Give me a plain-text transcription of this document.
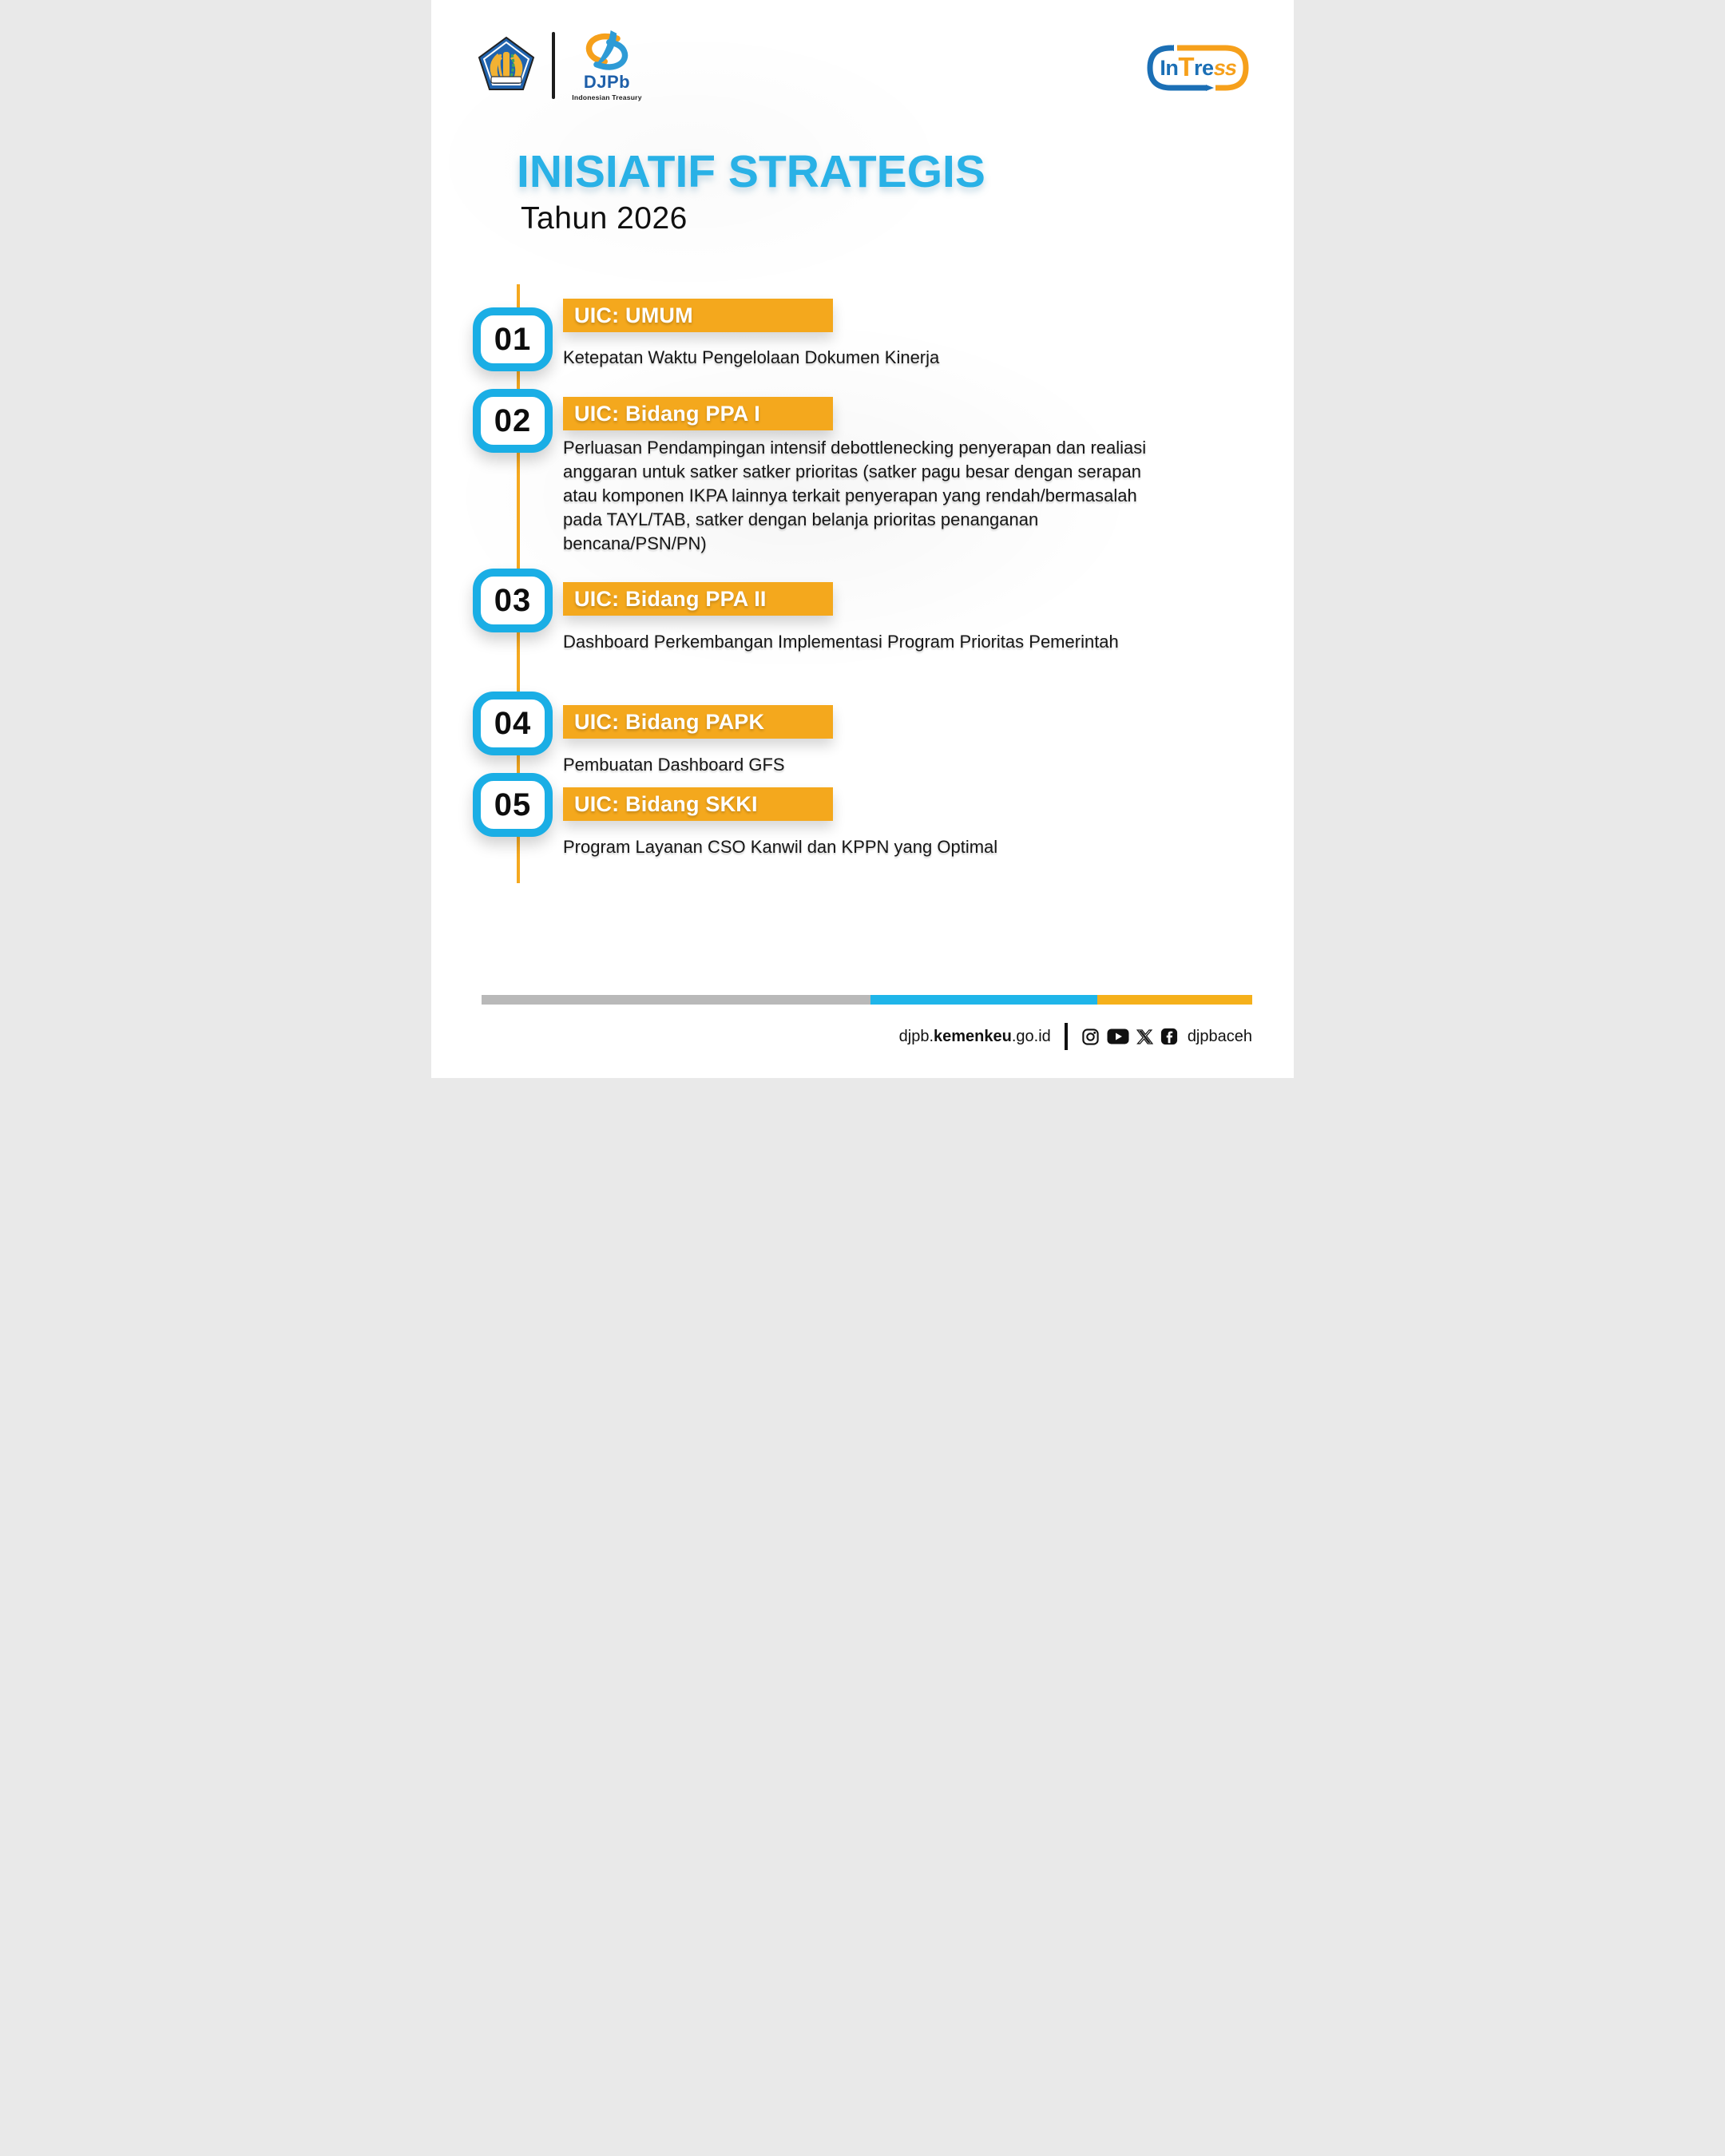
DJPb
Indonesian Treasury
In T re
ss
INISIATIF STRATEGIS
Tahun 2026
01
UIC: UMUM
Ketepatan Waktu Pengelolaan Dokumen Kinerja
02 UIC: Bidang PPA I
Perluasan Pendampingan intensif debottlenecking penyerapan dan realiasi anggaran untuk satker satker prioritas (satker pagu besar dengan serapan atau komponen IKPA lainnya terkait penyerapan yang rendah/bermasalah pada TAYL/TAB, satker dengan belanja prioritas penanganan bencana/PSN/PN)
03 UIC: Bidang PPA II
Dashboard Perkembangan Implementasi Program Prioritas Pemerintah
04 UIC: Bidang PAPK
Pembuatan Dashboard GFS
05 UIC: Bidang SKKI
Program Layanan CSO Kanwil dan KPPN yang Optimal
djpb.kemenkeu.go.id	djpbaceh
